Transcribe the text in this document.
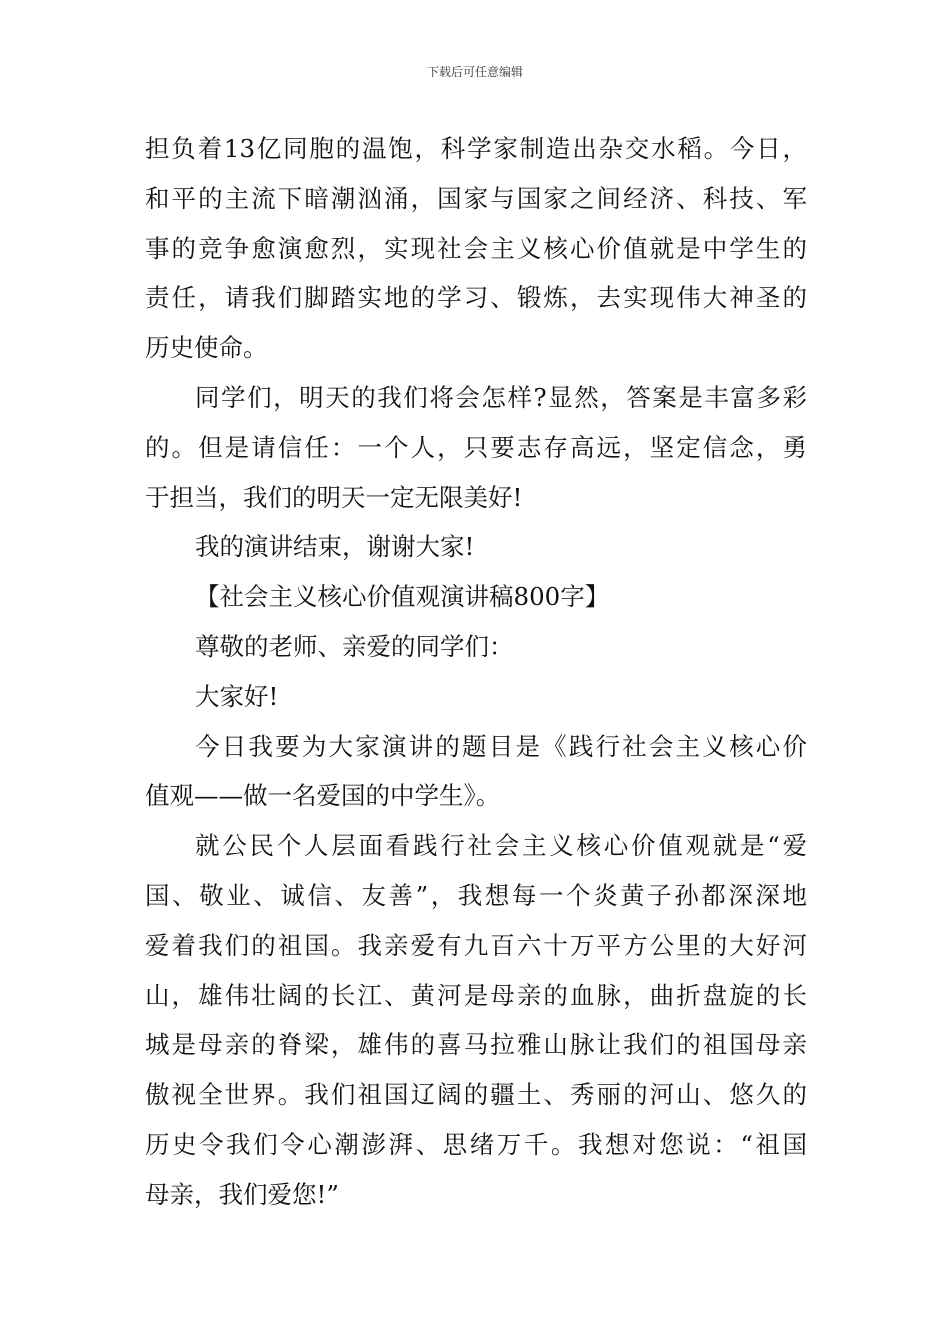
下载后可任意编辑
担负着13亿同胞的温饱，科学家制造出杂交水稻。今日，
和平的主流下暗潮汹涌，国家与国家之间经济、科技、军
事的竞争愈演愈烈，实现社会主义核心价值就是中学生的
责任，请我们脚踏实地的学习、锻炼，去实现伟大神圣的
历史使命。
同学们，明天的我们将会怎样?显然，答案是丰富多彩
的。但是请信任：一个人，只要志存高远，坚定信念，勇
于担当，我们的明天一定无限美好!
我的演讲结束，谢谢大家!
【社会主义核心价值观演讲稿800字】
尊敬的老师、亲爱的同学们：
大家好!
今日我要为大家演讲的题目是《践行社会主义核心价
值观——做一名爱国的中学生》。
就公民个人层面看践行社会主义核心价值观就是“爱
国、敬业、诚信、友善”，我想每一个炎黄子孙都深深地
爱着我们的祖国。我亲爱有九百六十万平方公里的大好河
山，雄伟壮阔的长江、黄河是母亲的血脉，曲折盘旋的长
城是母亲的脊梁，雄伟的喜马拉雅山脉让我们的祖国母亲
傲视全世界。我们祖国辽阔的疆土、秀丽的河山、悠久的
历史令我们令心潮澎湃、思绪万千。我想对您说：“祖国
母亲，我们爱您!”
